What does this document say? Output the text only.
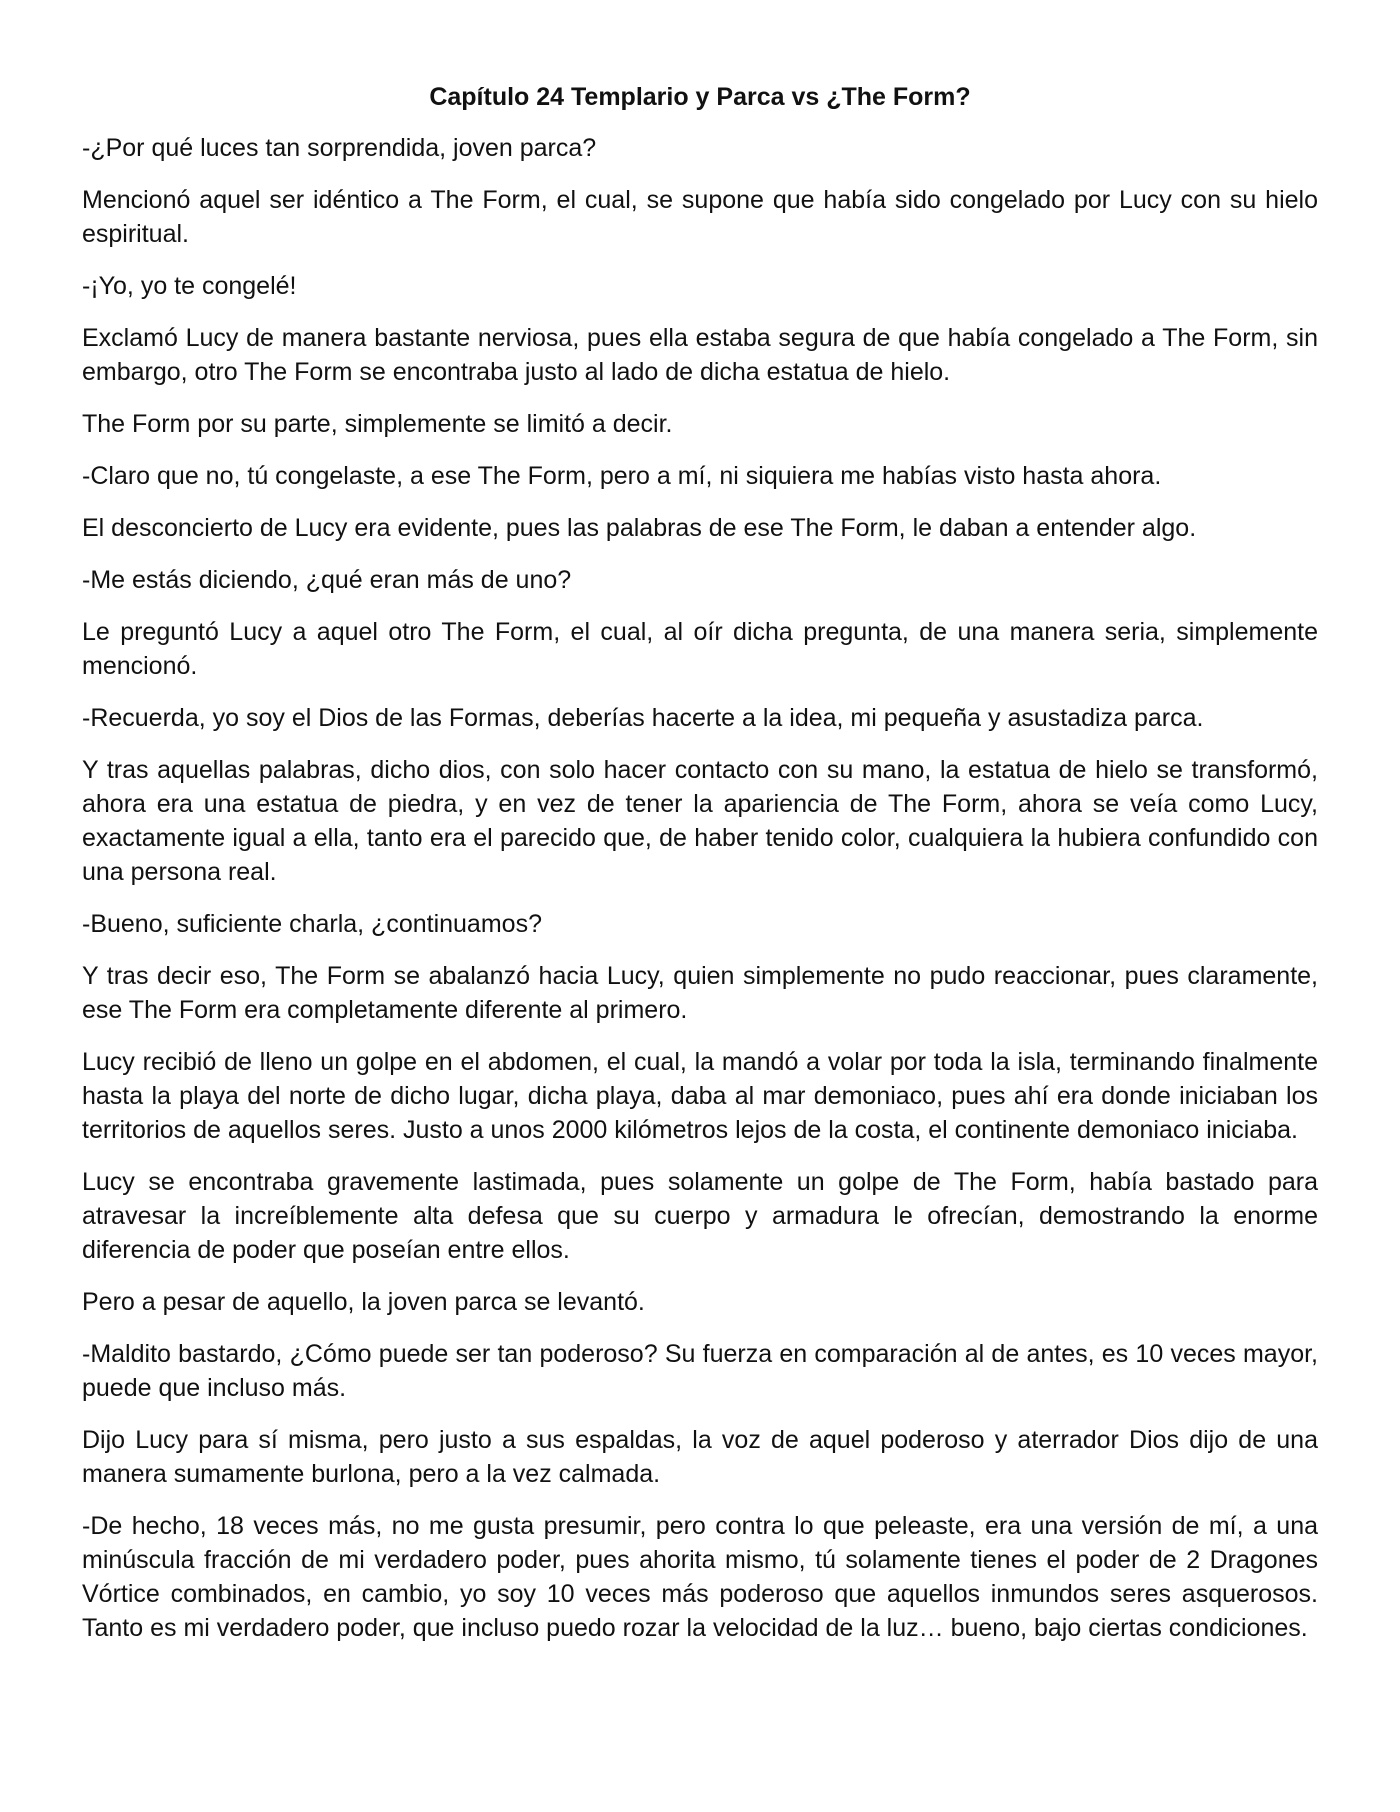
Capítulo 24 Templario y Parca vs ¿The Form?

-¿Por qué luces tan sorprendida, joven parca?

Mencionó aquel ser idéntico a The Form, el cual, se supone que había sido congelado por Lucy con su hielo espiritual.

-¡Yo, yo te congelé!

Exclamó Lucy de manera bastante nerviosa, pues ella estaba segura de que había congelado a The Form, sin embargo, otro The Form se encontraba justo al lado de dicha estatua de hielo.

The Form por su parte, simplemente se limitó a decir.

-Claro que no, tú congelaste, a ese The Form, pero a mí, ni siquiera me habías visto hasta ahora.

El desconcierto de Lucy era evidente, pues las palabras de ese The Form, le daban a entender algo.

-Me estás diciendo, ¿qué eran más de uno?

Le preguntó Lucy a aquel otro The Form, el cual, al oír dicha pregunta, de una manera seria, simplemente mencionó.

-Recuerda, yo soy el Dios de las Formas, deberías hacerte a la idea, mi pequeña y asustadiza parca.

Y tras aquellas palabras, dicho dios, con solo hacer contacto con su mano, la estatua de hielo se transformó, ahora era una estatua de piedra, y en vez de tener la apariencia de The Form, ahora se veía como Lucy, exactamente igual a ella, tanto era el parecido que, de haber tenido color, cualquiera la hubiera confundido con una persona real.

-Bueno, suficiente charla, ¿continuamos?

Y tras decir eso, The Form se abalanzó hacia Lucy, quien simplemente no pudo reaccionar, pues claramente, ese The Form era completamente diferente al primero.

Lucy recibió de lleno un golpe en el abdomen, el cual, la mandó a volar por toda la isla, terminando finalmente hasta la playa del norte de dicho lugar, dicha playa, daba al mar demoniaco, pues ahí era donde iniciaban los territorios de aquellos seres. Justo a unos 2000 kilómetros lejos de la costa, el continente demoniaco iniciaba.

Lucy se encontraba gravemente lastimada, pues solamente un golpe de The Form, había bastado para atravesar la increíblemente alta defesa que su cuerpo y armadura le ofrecían, demostrando la enorme diferencia de poder que poseían entre ellos.

Pero a pesar de aquello, la joven parca se levantó.

-Maldito bastardo, ¿Cómo puede ser tan poderoso? Su fuerza en comparación al de antes, es 10 veces mayor, puede que incluso más.

Dijo Lucy para sí misma, pero justo a sus espaldas, la voz de aquel poderoso y aterrador Dios dijo de una manera sumamente burlona, pero a la vez calmada.

-De hecho, 18 veces más, no me gusta presumir, pero contra lo que peleaste, era una versión de mí, a una minúscula fracción de mi verdadero poder, pues ahorita mismo, tú solamente tienes el poder de 2 Dragones Vórtice combinados, en cambio, yo soy 10 veces más poderoso que aquellos inmundos seres asquerosos. Tanto es mi verdadero poder, que incluso puedo rozar la velocidad de la luz… bueno, bajo ciertas condiciones.
